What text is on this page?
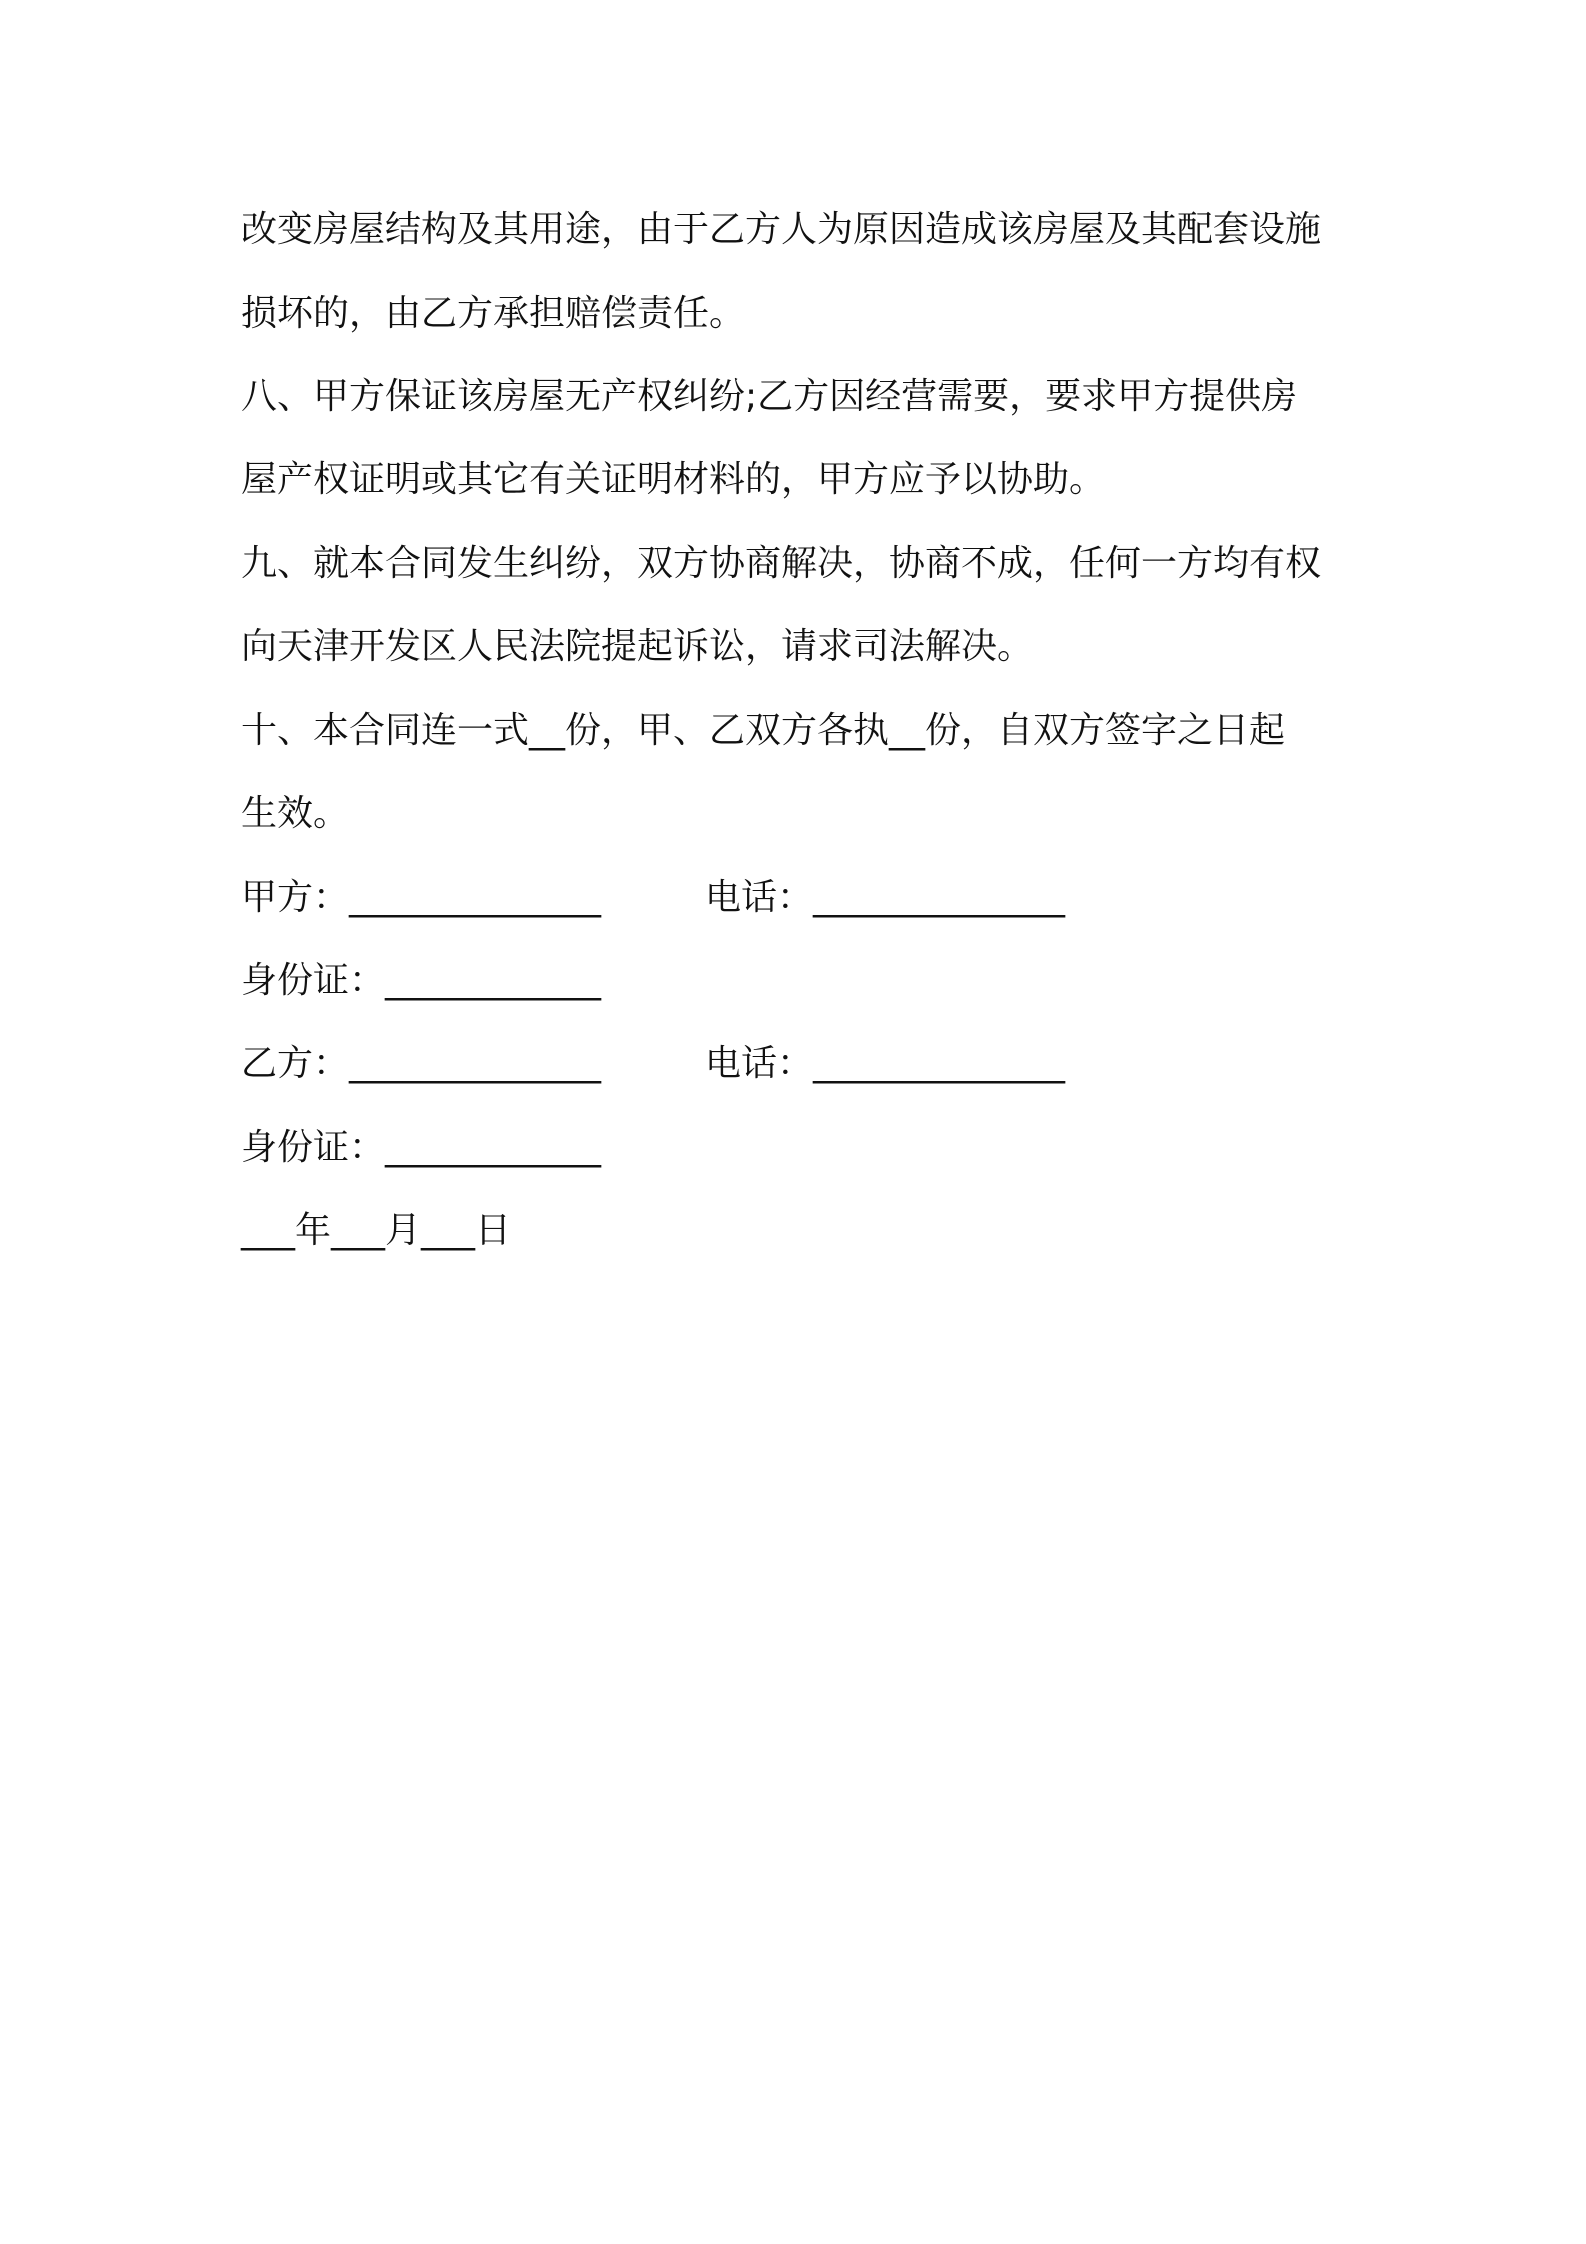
改变房屋结构及其用途，由于乙方人为原因造成该房屋及其配套设施
损坏的，由乙方承担赔偿责任。
八、甲方保证该房屋无产权纠纷;乙方因经营需要，要求甲方提供房
屋产权证明或其它有关证明材料的，甲方应予以协助。
九、就本合同发生纠纷，双方协商解决，协商不成，任何一方均有权
向天津开发区人民法院提起诉讼，请求司法解决。
十、本合同连一式__份，甲、乙双方各执__份，自双方签字之日起
生效。
甲方：______________	电话：______________
身份证：____________
乙方：______________	电话：______________
身份证：____________
___年___月___日
